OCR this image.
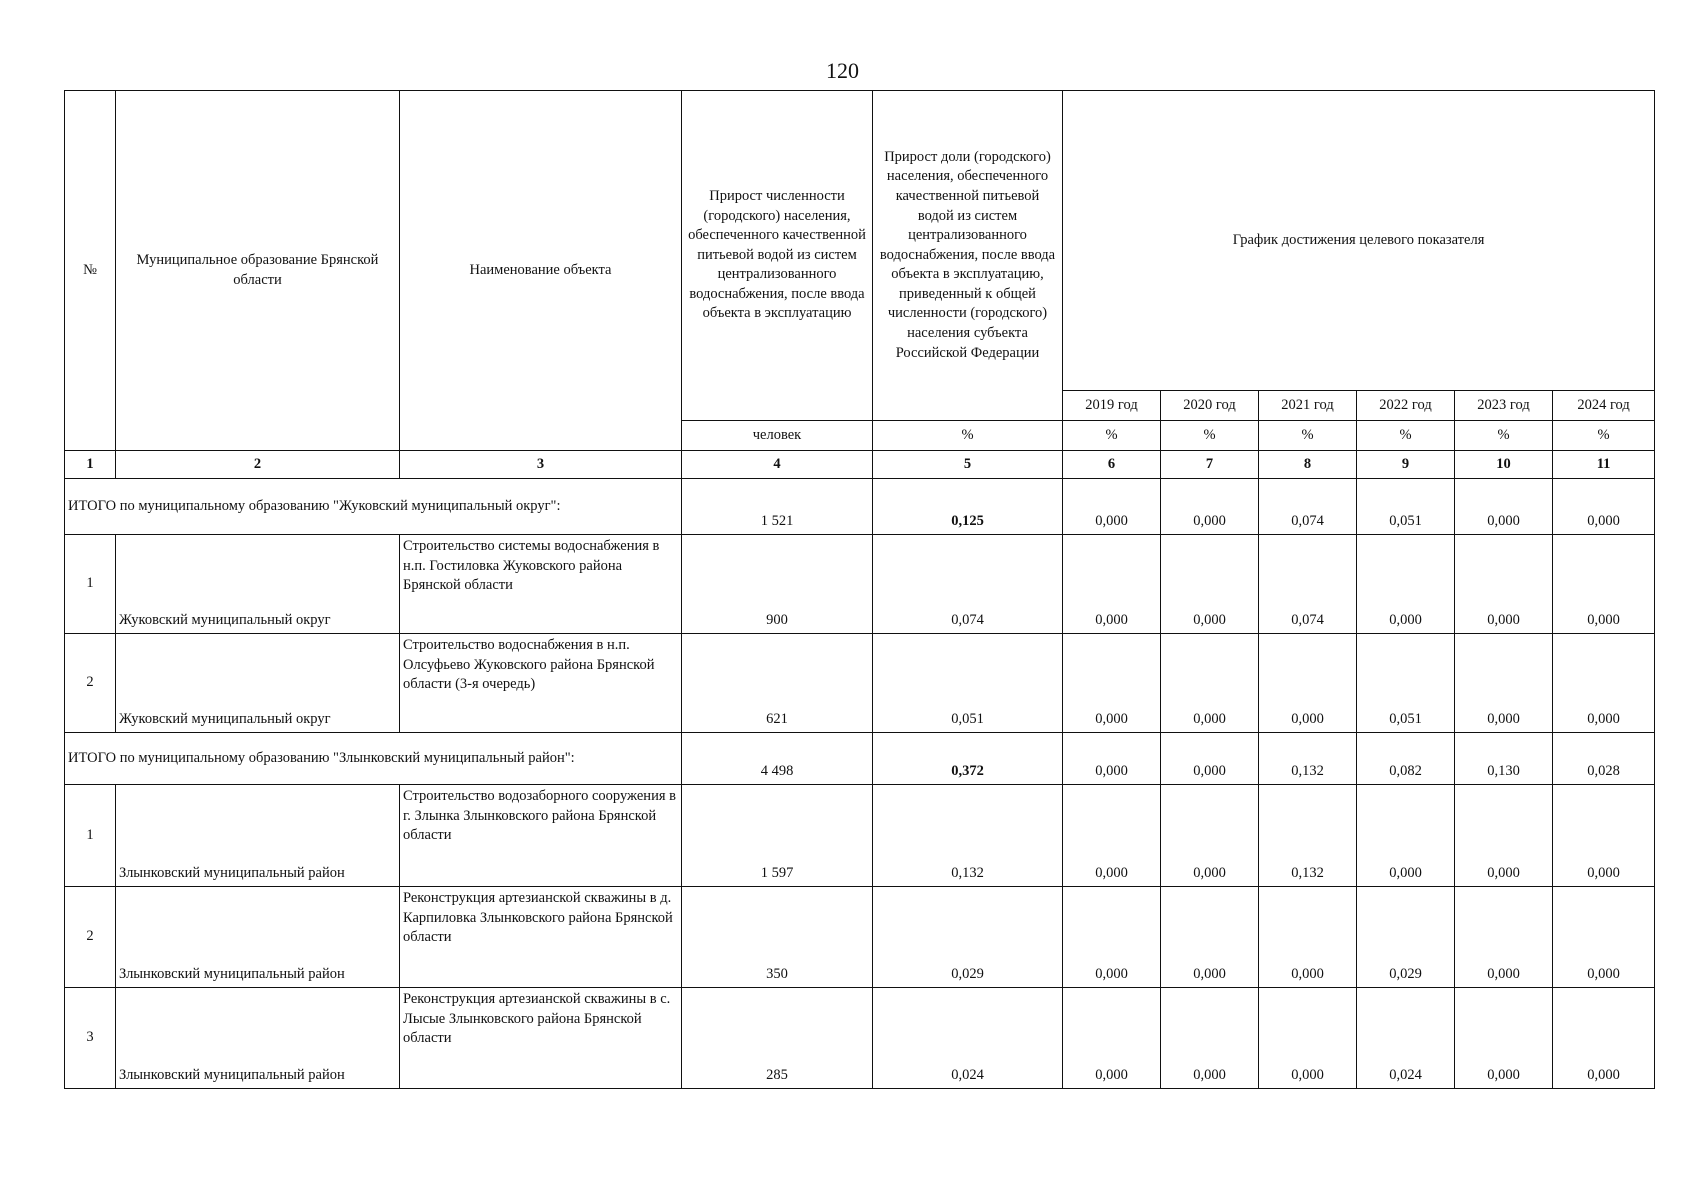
120
№	Муниципальное образование Брянской области	Наименование объекта	Прирост численности (городского) населения, обеспеченного качественной питьевой водой из систем централизованного водоснабжения, после ввода объекта в эксплуатацию	Прирост доли (городского) населения, обеспеченного качественной питьевой водой из систем централизованного водоснабжения, после ввода объекта в эксплуатацию, приведенный к общей численности (городского) населения субъекта Российской Федерации	График достижения целевого показателя					
					2019 год	2020 год	2021 год	2022 год	2023 год	2024 год
			человек	%	%	%	%	%	%	%
1	2	3	4	5	6	7	8	9	10	11
ИТОГО по муниципальному образованию "Жуковский муниципальный округ":			1 521	0,125	0,000	0,000	0,074	0,051	0,000	0,000
1	Жуковский муниципальный округ	Строительство системы водоснабжения в н.п. Гостиловка Жуковского района Брянской области	900	0,074	0,000	0,000	0,074	0,000	0,000	0,000
2	Жуковский муниципальный округ	Строительство водоснабжения в н.п. Олсуфьево Жуковского района Брянской области (3-я очередь)	621	0,051	0,000	0,000	0,000	0,051	0,000	0,000
ИТОГО по муниципальному образованию "Злынковский муниципальный район":			4 498	0,372	0,000	0,000	0,132	0,082	0,130	0,028
1	Злынковский муниципальный район	Строительство водозаборного сооружения в г. Злынка Злынковского района Брянской области	1 597	0,132	0,000	0,000	0,132	0,000	0,000	0,000
2	Злынковский муниципальный район	Реконструкция артезианской скважины в д. Карпиловка Злынковского района Брянской области	350	0,029	0,000	0,000	0,000	0,029	0,000	0,000
3	Злынковский муниципальный район	Реконструкция артезианской скважины в с. Лысые Злынковского района Брянской области	285	0,024	0,000	0,000	0,000	0,024	0,000	0,000
